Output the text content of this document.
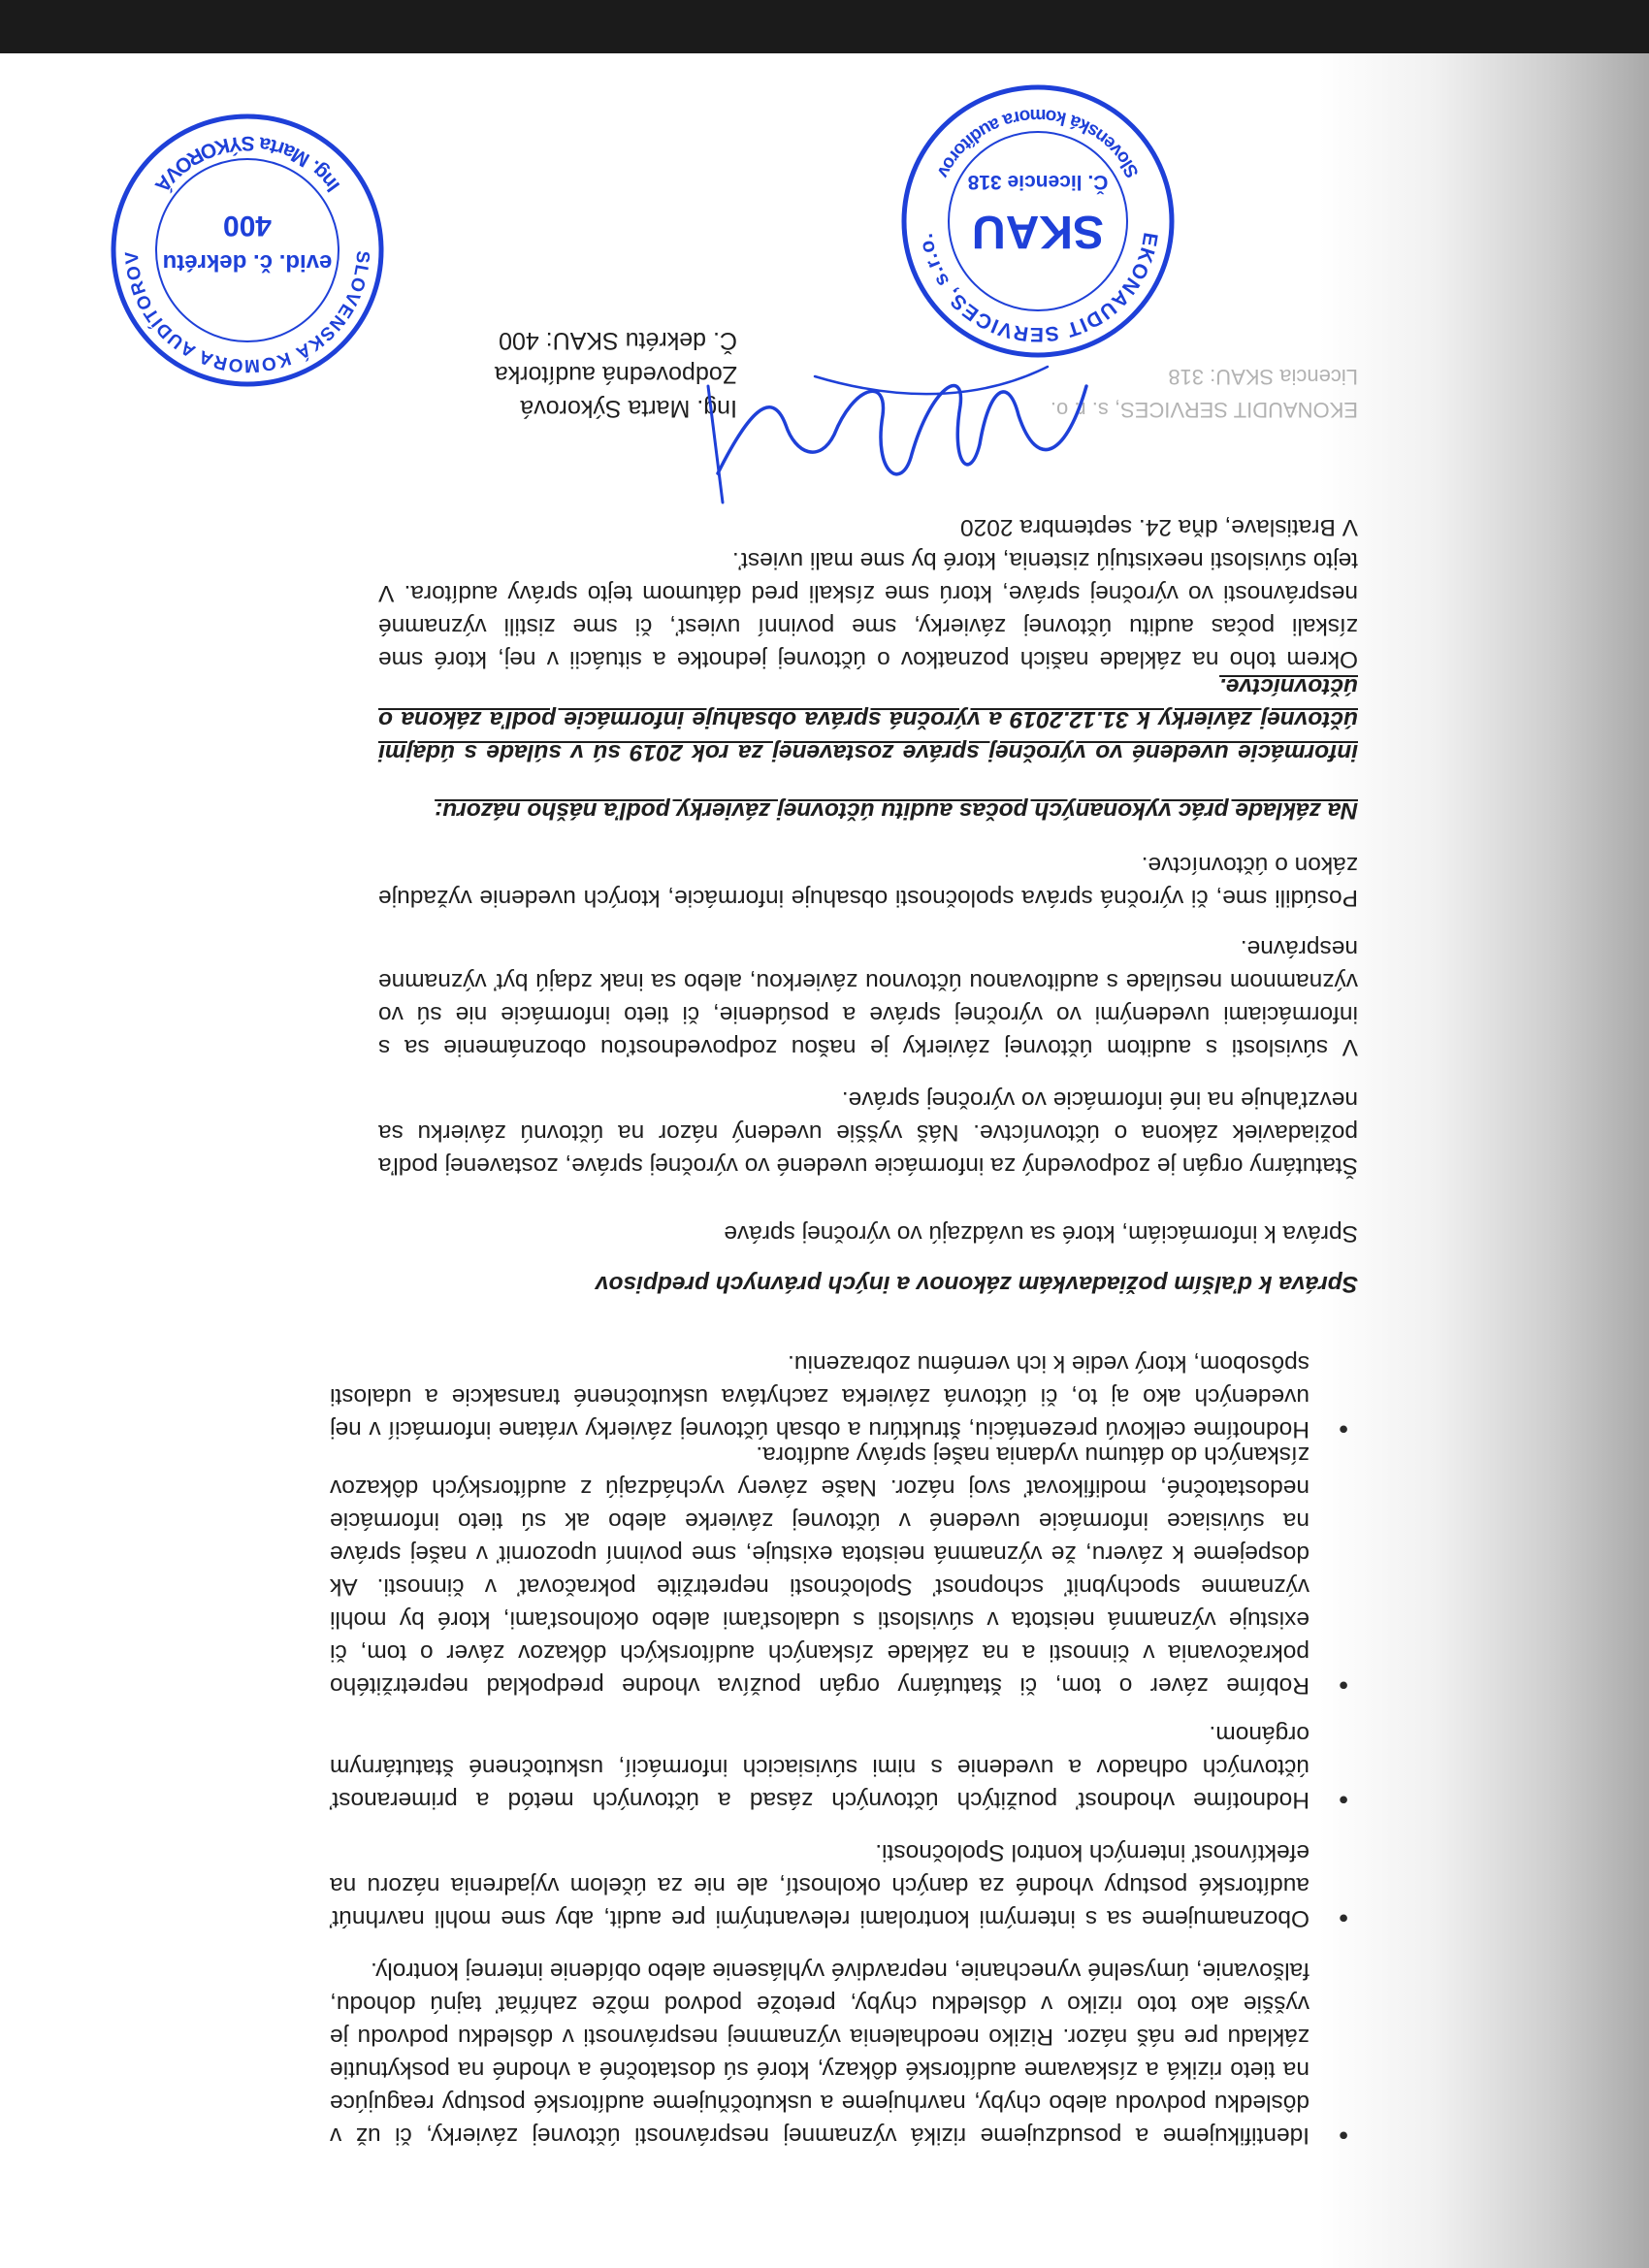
• Identifikujeme a posudzujeme riziká významnej nesprávnosti účtovnej závierky, či už v dôsledku podvodu alebo chyby, navrhujeme a uskutočňujeme audítorské postupy reagujúce na tieto riziká a získavame audítorské dôkazy, ktoré sú dostatočné a vhodné na poskytnutie základu pre náš názor. Riziko neodhalenia významnej nesprávnosti v dôsledku podvodu je vyššie ako toto riziko v dôsledku chyby, pretože podvod môže zahŕňať tajnú dohodu, falšovanie, úmyselné vynechanie, nepravdivé vyhlásenie alebo obídenie internej kontroly.

• Oboznamujeme sa s internými kontrolami relevantnými pre audit, aby sme mohli navrhnúť audítorské postupy vhodné za daných okolností, ale nie za účelom vyjadrenia názoru na efektívnosť interných kontrol Spoločnosti.

• Hodnotíme vhodnosť použitých účtovných zásad a účtovných metód a primeranosť účtovných odhadov a uvedenie s nimi súvisiacich informácií, uskutočnené štatutárnym orgánom.

• Robíme záver o tom, či štatutárny orgán používa vhodne predpoklad nepretržitého pokračovania v činnosti a na základe získaných audítorských dôkazov záver o tom, či existuje významná neistota v súvislosti s udalosťami alebo okolnosťami, ktoré by mohli významne spochybniť schopnosť Spoločnosti nepretržite pokračovať v činnosti. Ak dospejeme k záveru, že významná neistota existuje, sme povinní upozorniť v našej správe na súvisiace informácie uvedené v účtovnej závierke alebo ak sú tieto informácie nedostatočné, modifikovať svoj názor. Naše závery vychádzajú z audítorských dôkazov získaných do dátumu vydania našej správy audítora.

• Hodnotíme celkovú prezentáciu, štruktúru a obsah účtovnej závierky vrátane informácií v nej uvedených ako aj to, či účtovná závierka zachytáva uskutočnené transakcie a udalosti spôsobom, ktorý vedie k ich vernému zobrazeniu.

Správa k ďalším požiadavkám zákonov a iných právnych predpisov

Správa k informáciám, ktoré sa uvádzajú vo výročnej správe

Štatutárny orgán je zodpovedný za informácie uvedené vo výročnej správe, zostavenej podľa požiadaviek zákona o účtovníctve. Náš vyššie uvedený názor na účtovnú závierku sa nevzťahuje na iné informácie vo výročnej správe.

V súvislosti s auditom účtovnej závierky je našou zodpovednosťou oboznámenie sa s informáciami uvedenými vo výročnej správe a posúdenie, či tieto informácie nie sú vo významnom nesúlade s auditovanou účtovnou závierkou, alebo sa inak zdajú byť významne nesprávne.

Posúdili sme, či výročná správa spoločnosti obsahuje informácie, ktorých uvedenie vyžaduje zákon o účtovníctve.

Na základe prác vykonaných počas auditu účtovnej závierky podľa nášho názoru:

informácie uvedené vo výročnej správe zostavenej za rok 2019 sú v súlade s údajmi účtovnej závierky k 31.12.2019 a výročná správa obsahuje informácie podľa zákona o účtovníctve.

Okrem toho na základe našich poznatkov o účtovnej jednotke a situácii v nej, ktoré sme získali počas auditu účtovnej závierky, sme povinní uviesť, či sme zistili významné nesprávnosti vo výročnej správe, ktorú sme získali pred dátumom tejto správy audítora. V tejto súvislosti neexistujú zistenia, ktoré by sme mali uviesť.

V Bratislave, dňa 24. septembra 2020

EKONAUDIT SERVICES, s. r. o.

Licencia SKAU: 318

Ing. Marta Sýkorová

Zodpovedná audítorka

Č. dekrétu SKAU: 400

EKONAUDIT SERVICES, s.r.o.
Slovenská komora audítorov
SKAU
Č. licencie 318
SLOVENSKÁ KOMORA AUDÍTOROV
Ing. Marta SÝKOROVÁ
evid. č. dekrétu
400
